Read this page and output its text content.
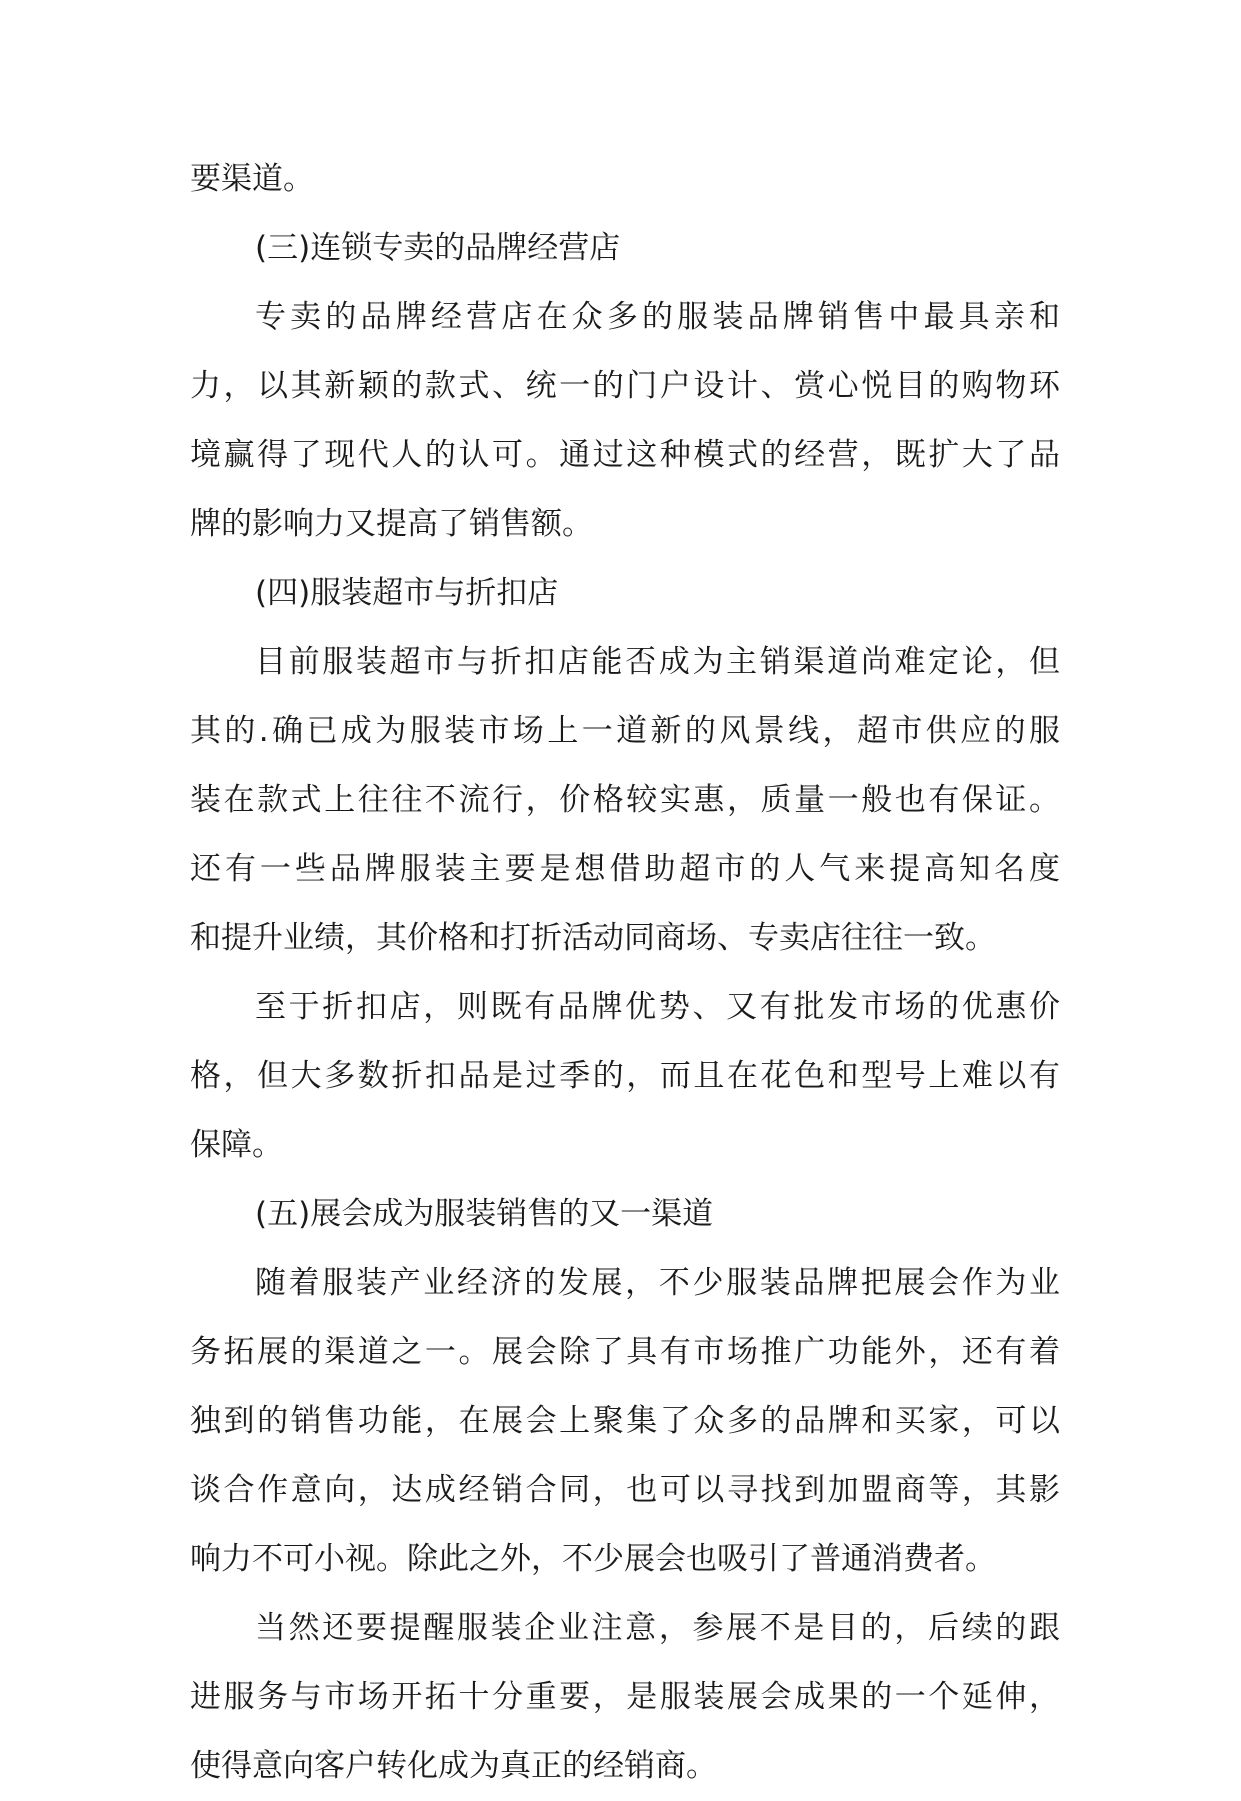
要渠道。
(三)连锁专卖的品牌经营店
专卖的品牌经营店在众多的服装品牌销售中最具亲和
力，以其新颖的款式、统一的门户设计、赏心悦目的购物环
境赢得了现代人的认可。通过这种模式的经营，既扩大了品
牌的影响力又提高了销售额。
(四)服装超市与折扣店
目前服装超市与折扣店能否成为主销渠道尚难定论，但
其的.确已成为服装市场上一道新的风景线，超市供应的服
装在款式上往往不流行，价格较实惠，质量一般也有保证。
还有一些品牌服装主要是想借助超市的人气来提高知名度
和提升业绩，其价格和打折活动同商场、专卖店往往一致。
至于折扣店，则既有品牌优势、又有批发市场的优惠价
格，但大多数折扣品是过季的，而且在花色和型号上难以有
保障。
(五)展会成为服装销售的又一渠道
随着服装产业经济的发展，不少服装品牌把展会作为业
务拓展的渠道之一。展会除了具有市场推广功能外，还有着
独到的销售功能，在展会上聚集了众多的品牌和买家，可以
谈合作意向，达成经销合同，也可以寻找到加盟商等，其影
响力不可小视。除此之外，不少展会也吸引了普通消费者。
当然还要提醒服装企业注意，参展不是目的，后续的跟
进服务与市场开拓十分重要，是服装展会成果的一个延伸，
使得意向客户转化成为真正的经销商。
